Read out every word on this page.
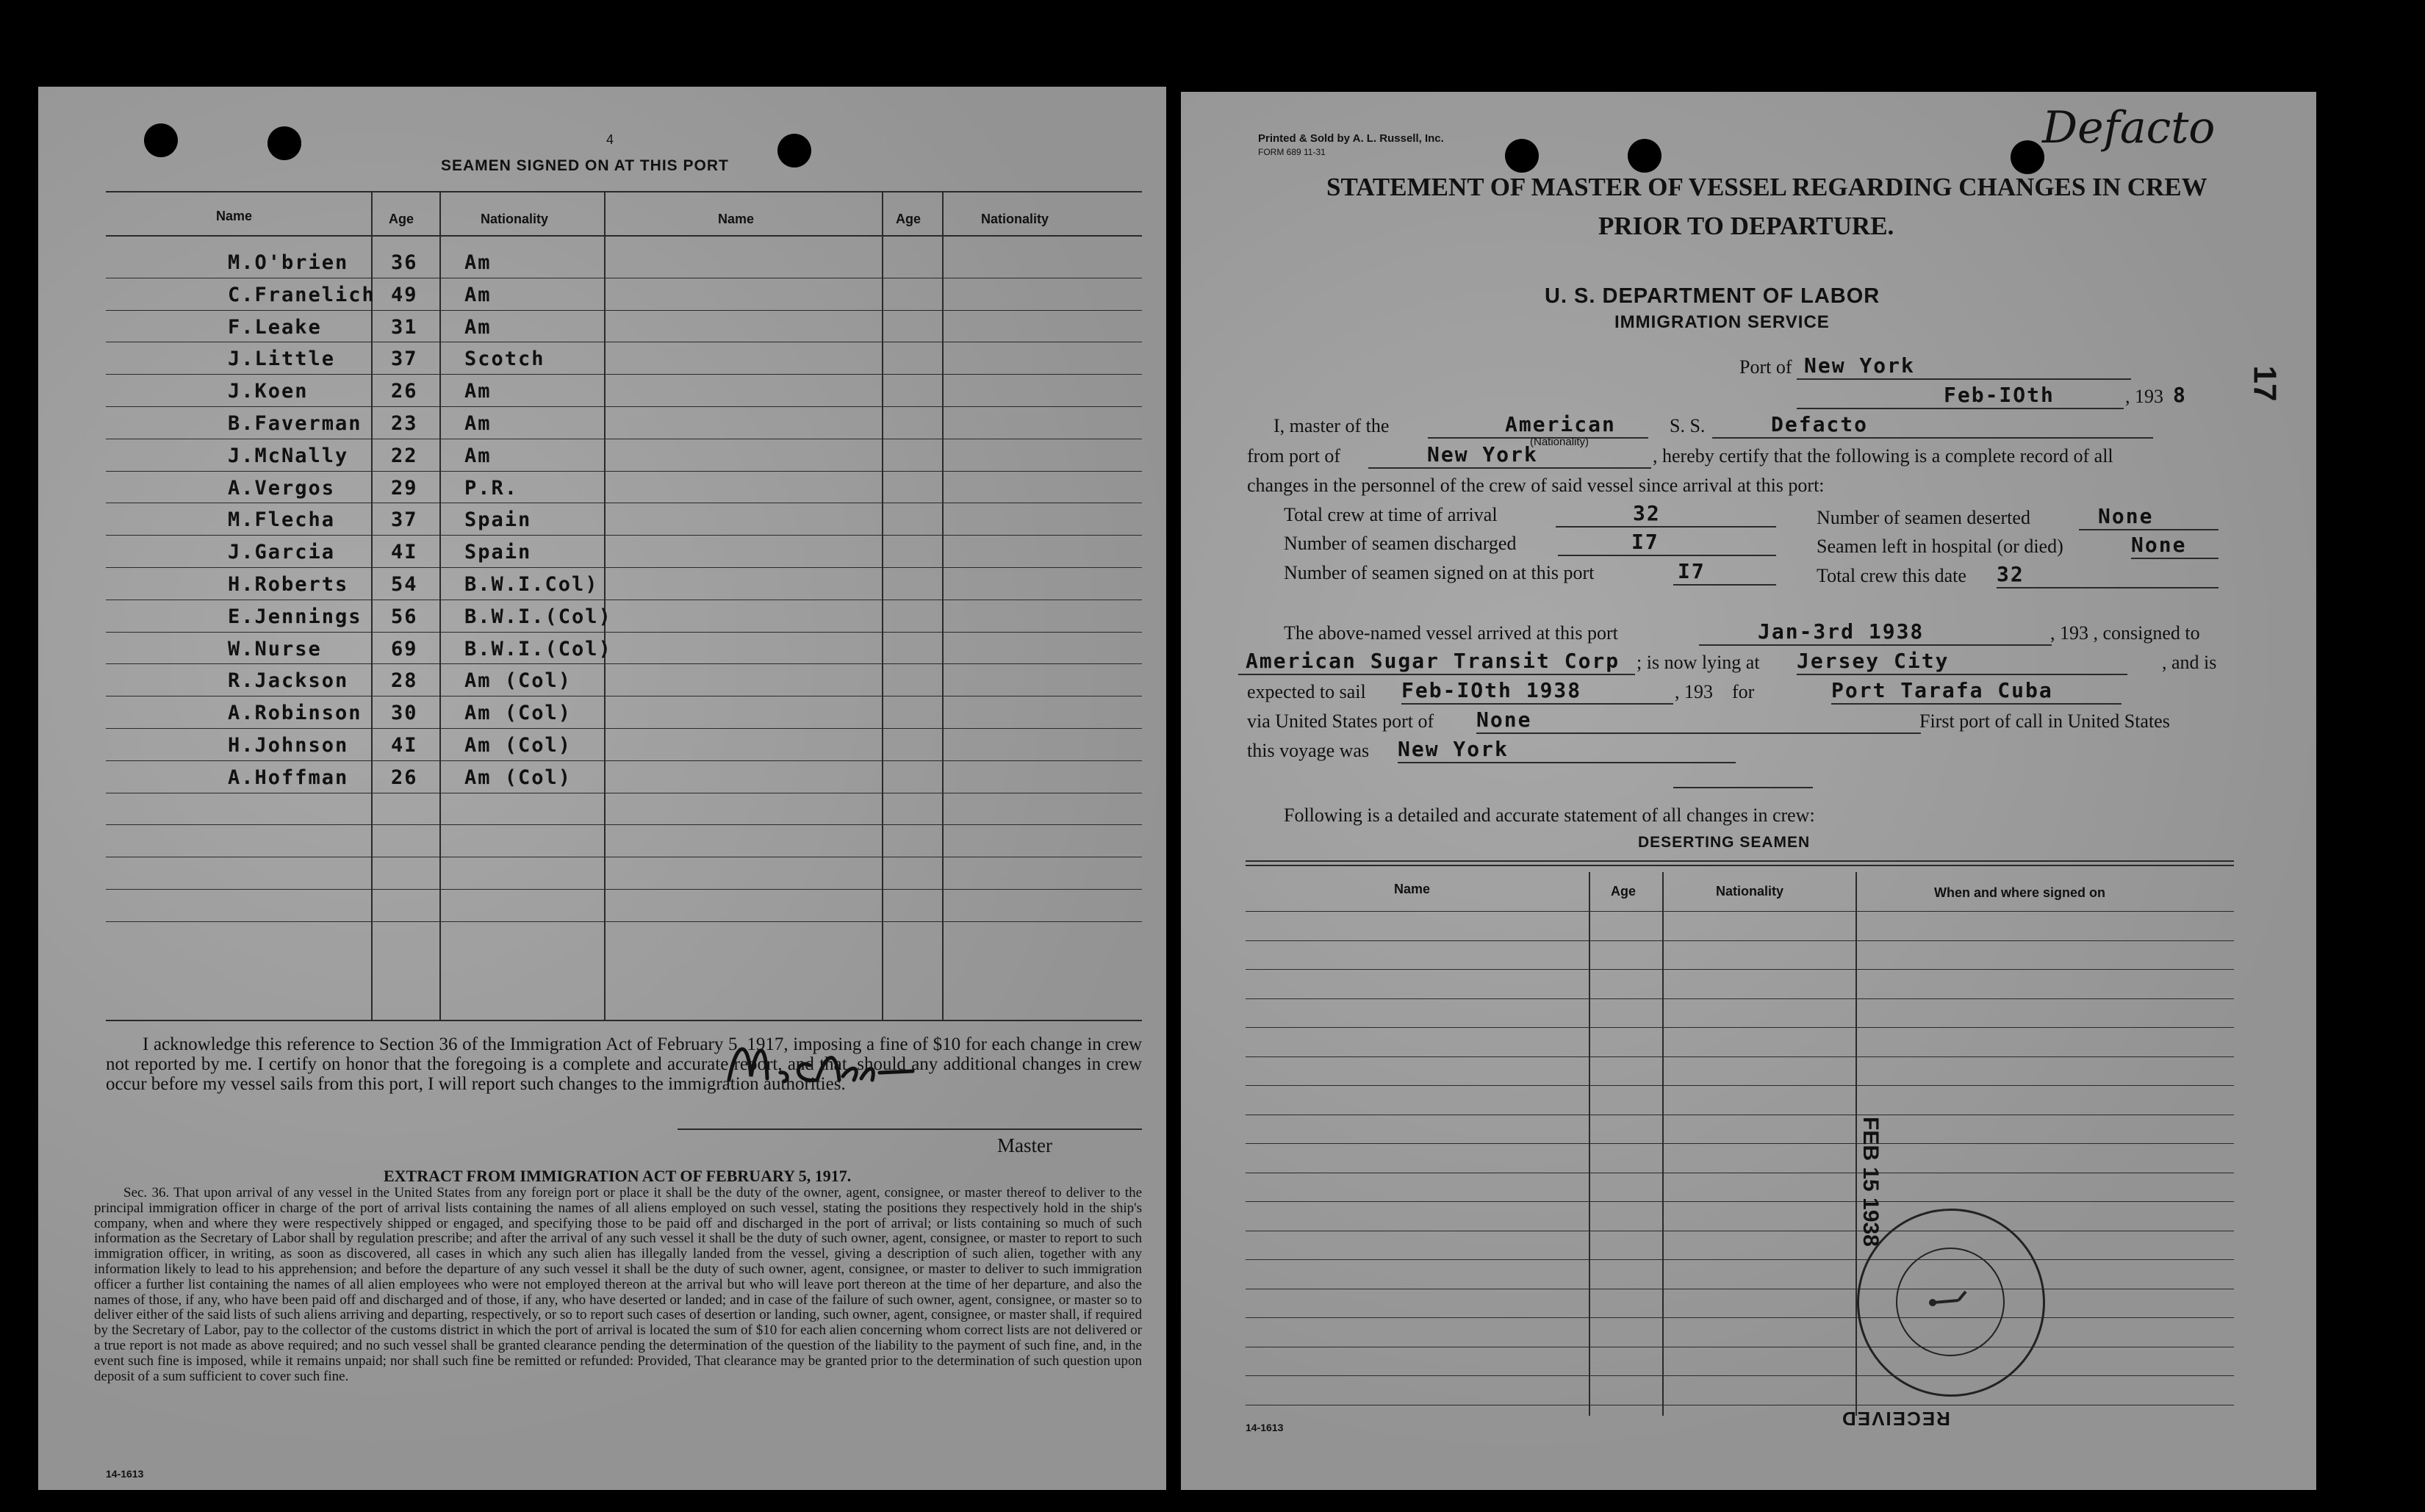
4
SEAMEN SIGNED ON AT THIS PORT
Name	Age	Nationality	Name	Age	Nationality
M.O'brien 36 Am
C.Franelich 49 Am
F.Leake	31 Am
J.Little	37 Scotch
J.Koen	26 Am
B.Faverman 23 Am
J.McNally 22 Am
A.Vergos	29 P.R.
M.Flecha	37 Spain
J.Garcia	4I Spain
H.Roberts 54 B.W.I.Col)
E.Jennings 56 B.W.I.(Col)
W.Nurse	69 B.W.I.(Col)
R.Jackson 28 Am (Col)
A.Robinson 30 Am (Col)
H.Johnson 4I Am (Col)
A.Hoffman 26 Am (Col)
I acknowledge this reference to Section 36 of the Immigration Act of February 5, 1917, imposing a fine of $10 for each change in crew not reported by me. I certify on honor that the foregoing is a complete and accurate report, and that, should any additional changes in crew occur before my vessel sails from this port, I will report such changes to the immigration authorities.
Master
EXTRACT FROM IMMIGRATION ACT OF FEBRUARY 5, 1917.
Sec. 36. That upon arrival of any vessel in the United States from any foreign port or place it shall be the duty of the owner, agent, consignee, or master thereof to deliver to the principal immigration officer in charge of the port of arrival lists containing the names of all aliens employed on such vessel, stating the positions they respectively hold in the ship's company, when and where they were respectively shipped or engaged, and specifying those to be paid off and discharged in the port of arrival; or lists containing so much of such information as the Secretary of Labor shall by regulation prescribe; and after the arrival of any such vessel it shall be the duty of such owner, agent, consignee, or master to report to such immigration officer, in writing, as soon as discovered, all cases in which any such alien has illegally landed from the vessel, giving a description of such alien, together with any information likely to lead to his apprehension; and before the departure of any such vessel it shall be the duty of such owner, agent, consignee, or master to deliver to such immigration officer a further list containing the names of all alien employees who were not employed thereon at the arrival but who will leave port thereon at the time of her departure, and also the names of those, if any, who have been paid off and discharged and of those, if any, who have deserted or landed; and in case of the failure of such owner, agent, consignee, or master so to deliver either of the said lists of such aliens arriving and departing, respectively, or so to report such cases of desertion or landing, such owner, agent, consignee, or master shall, if required by the Secretary of Labor, pay to the collector of the customs district in which the port of arrival is located the sum of $10 for each alien concerning whom correct lists are not delivered or a true report is not made as above required; and no such vessel shall be granted clearance pending the determination of the question of the liability to the payment of such fine, and, in the event such fine is imposed, while it remains unpaid; nor shall such fine be remitted or refunded: Provided, That clearance may be granted prior to the determination of such question upon deposit of a sum sufficient to cover such fine.
14-1613
Printed & Sold by A. L. Russell, Inc.
FORM 689 11-31	Defacto
STATEMENT OF MASTER OF VESSEL REGARDING CHANGES IN CREW
PRIOR TO DEPARTURE.
U. S. DEPARTMENT OF LABOR
IMMIGRATION SERVICE
17
Port of New York
Feb-IOth	, 193 8
I, master of the	American
(Nationality)
S. S.	Defacto
from port of	New York	, hereby certify that the following is a complete record of all
changes in the personnel of the crew of said vessel since arrival at this port:
Total crew at time of arrival	32	Number of seamen deserted	None
Number of seamen discharged	I7	Seamen left in hospital (or died)	None
Number of seamen signed on at this port	I7	Total crew this date 32
The above-named vessel arrived at this port	Jan-3rd 1938	, 193 , consigned to
American Sugar Transit Corp ; is now lying at Jersey City	, and is
expected to sail Feb-IOth 1938	, 193    for	Port Tarafa Cuba
via United States port of None	First port of call in United States
this voyage was New York
Following is a detailed and accurate statement of all changes in crew:
DESERTING SEAMEN
Name	Age	Nationality	When and where signed on
FEB 15 1938
RECEIVED
14-1613
